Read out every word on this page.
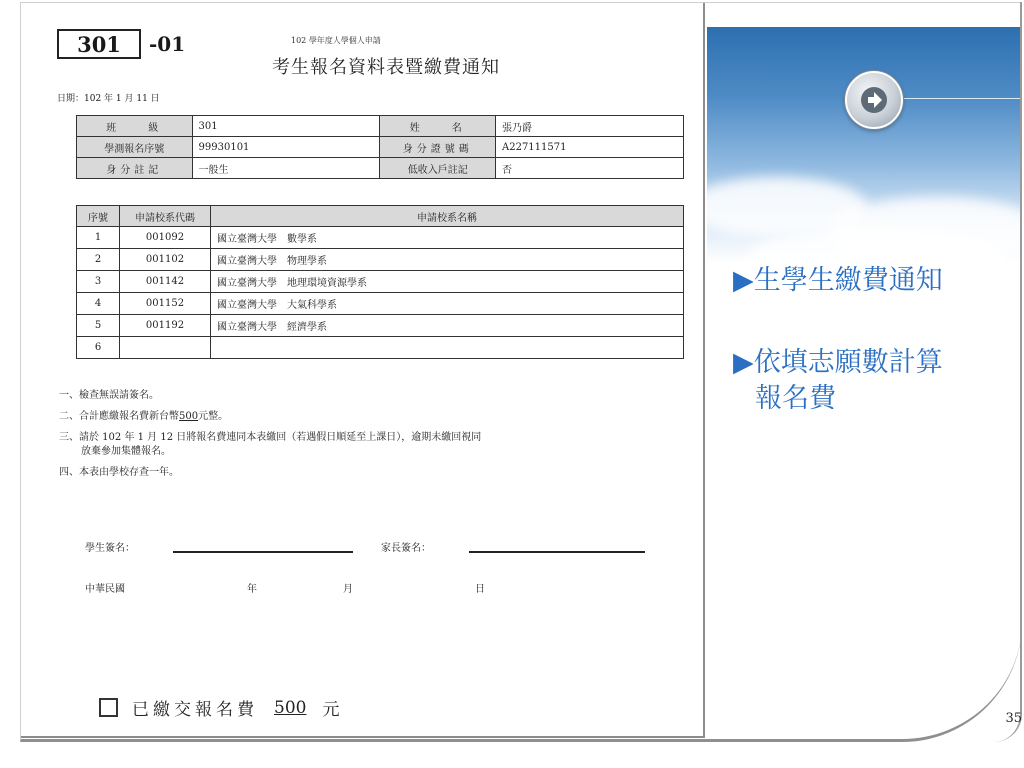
301	-01	102 學年度人學個人申請
考生報名資料表暨繳費通知
日期：102 年 1 月 11 日
班　　級	301	姓　　名	張乃爵
學測報名序號	99930101	身分證號碼	A227111571
身分註記	一般生	低收入戶註記	否
序號	申請校系代碼	申請校系名稱
1	001092	國立臺灣大學　數學系
2	001102	國立臺灣大學　物理學系
3	001142	國立臺灣大學　地理環境資源學系
4	001152	國立臺灣大學　大氣科學系
5	001192	國立臺灣大學　經濟學系
6		
一、檢查無誤請簽名。
二、合計應繳報名費新台幣500元整。
三、請於 102 年 1 月 12 日將報名費連同本表繳回（若遇假日順延至上課日），逾期未繳回視同
放棄參加集體報名。
四、本表由學校存查一年。
學生簽名：	家長簽名：
中華民國	年	月	日
已繳交報名費 500 元
▶生學生繳費通知
▶依填志願數計算
報名費
35
